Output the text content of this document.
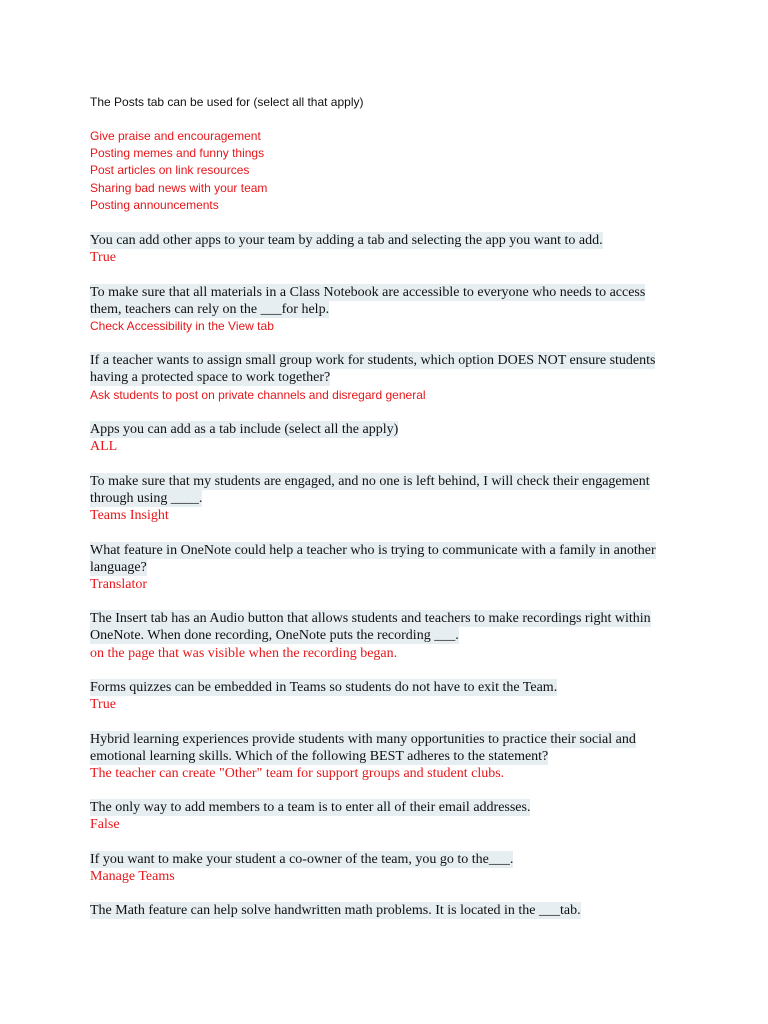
The Posts tab can be used for (select all that apply)
Give praise and encouragement
Posting memes and funny things
Post articles on link resources
Sharing bad news with your team
Posting announcements
You can add other apps to your team by adding a tab and selecting the app you want to add.
True
To make sure that all materials in a Class Notebook are accessible to everyone who needs to access
them, teachers can rely on the ___for help.
Check Accessibility in the View tab
If a teacher wants to assign small group work for students, which option DOES NOT ensure students
having a protected space to work together?
Ask students to post on private channels and disregard general
Apps you can add as a tab include (select all the apply)
ALL
To make sure that my students are engaged, and no one is left behind, I will check their engagement
through using ____.
Teams Insight
What feature in OneNote could help a teacher who is trying to communicate with a family in another
language?
Translator
The Insert tab has an Audio button that allows students and teachers to make recordings right within
OneNote. When done recording, OneNote puts the recording ___.
on the page that was visible when the recording began.
Forms quizzes can be embedded in Teams so students do not have to exit the Team.
True
Hybrid learning experiences provide students with many opportunities to practice their social and
emotional learning skills. Which of the following BEST adheres to the statement?
The teacher can create "Other" team for support groups and student clubs.
The only way to add members to a team is to enter all of their email addresses.
False
If you want to make your student a co-owner of the team, you go to the___.
Manage Teams
The Math feature can help solve handwritten math problems. It is located in the ___tab.
